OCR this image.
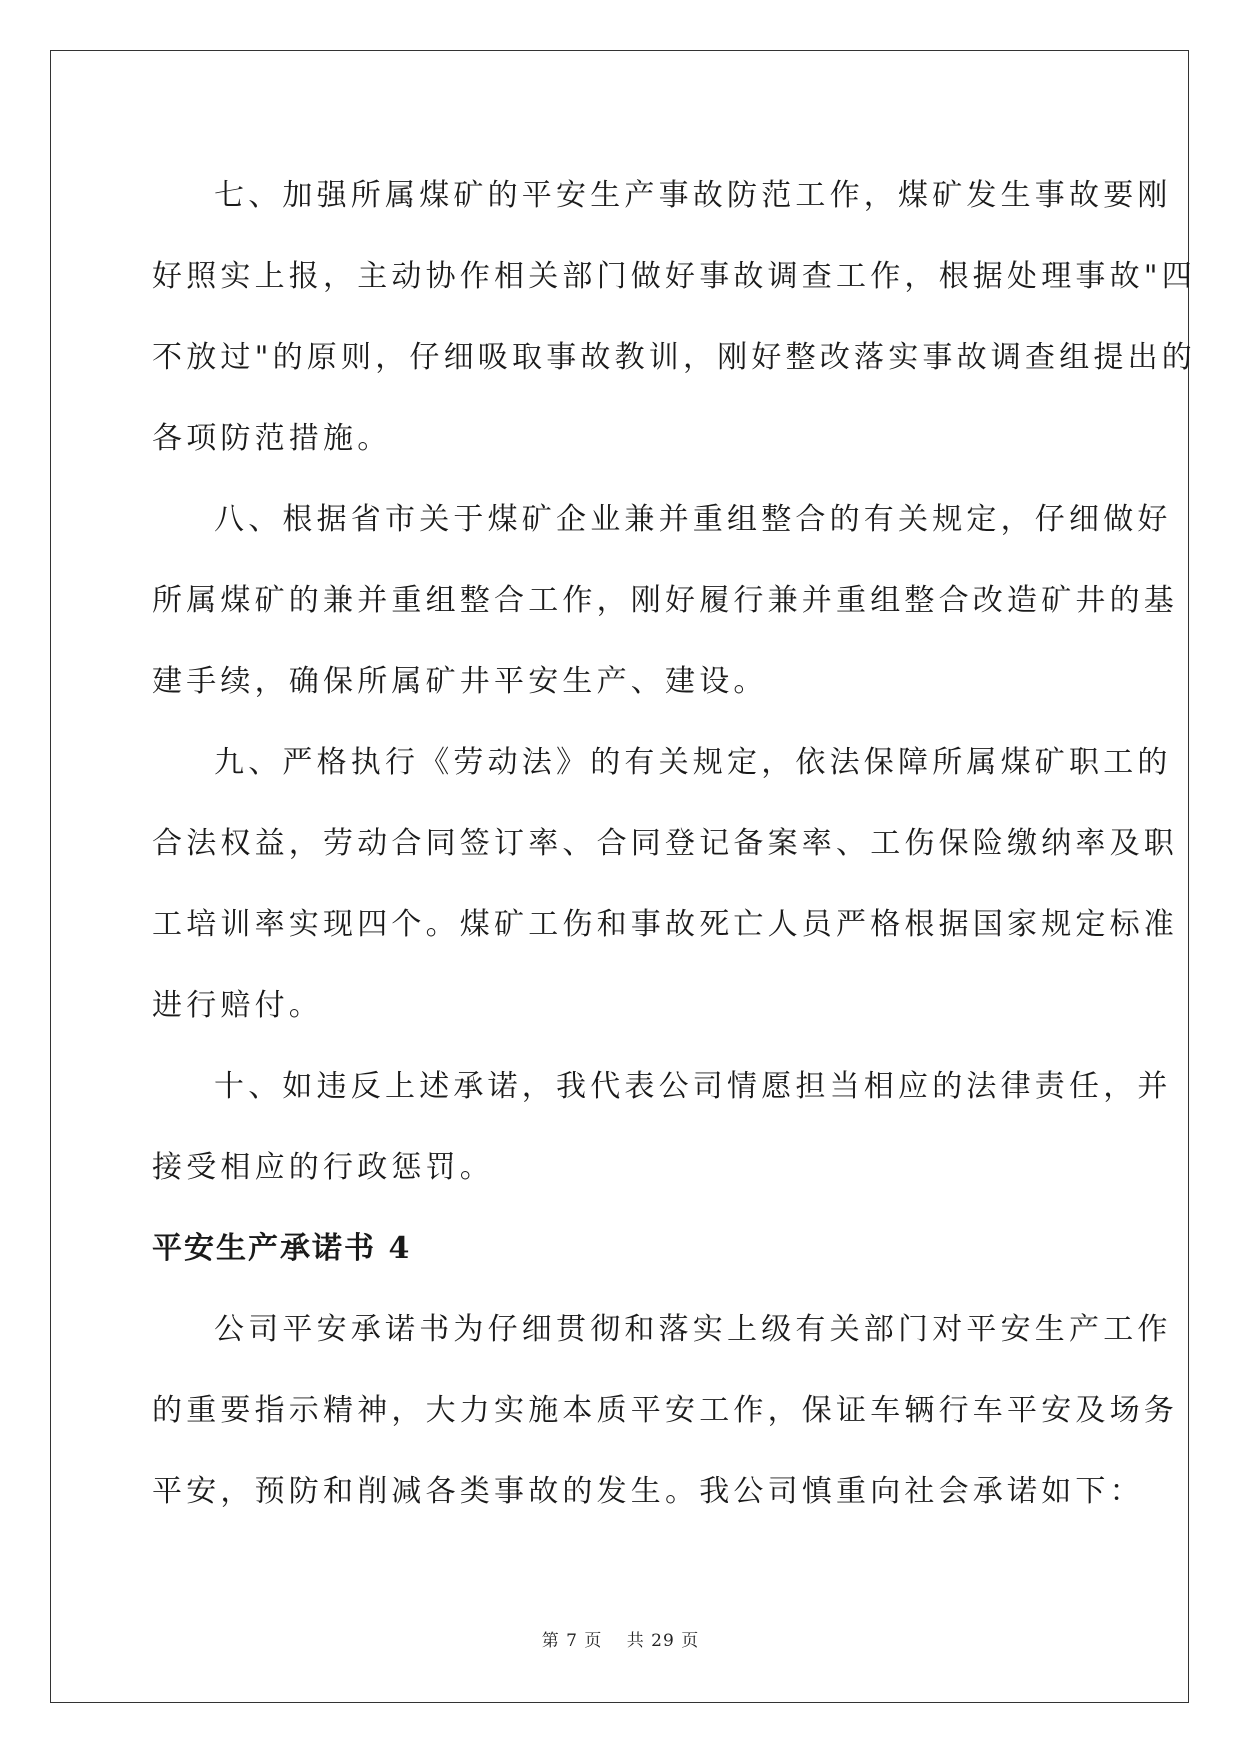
七、加强所属煤矿的平安生产事故防范工作，煤矿发生事故要刚
好照实上报，主动协作相关部门做好事故调查工作，根据处理事故"四
不放过"的原则，仔细吸取事故教训，刚好整改落实事故调查组提出的
各项防范措施。
八、根据省市关于煤矿企业兼并重组整合的有关规定，仔细做好
所属煤矿的兼并重组整合工作，刚好履行兼并重组整合改造矿井的基
建手续，确保所属矿井平安生产、建设。
九、严格执行《劳动法》的有关规定，依法保障所属煤矿职工的
合法权益，劳动合同签订率、合同登记备案率、工伤保险缴纳率及职
工培训率实现四个。煤矿工伤和事故死亡人员严格根据国家规定标准
进行赔付。
十、如违反上述承诺，我代表公司情愿担当相应的法律责任，并
接受相应的行政惩罚。
平安生产承诺书 4
公司平安承诺书为仔细贯彻和落实上级有关部门对平安生产工作
的重要指示精神，大力实施本质平安工作，保证车辆行车平安及场务
平安，预防和削减各类事故的发生。我公司慎重向社会承诺如下：
第 7 页 共 29 页
